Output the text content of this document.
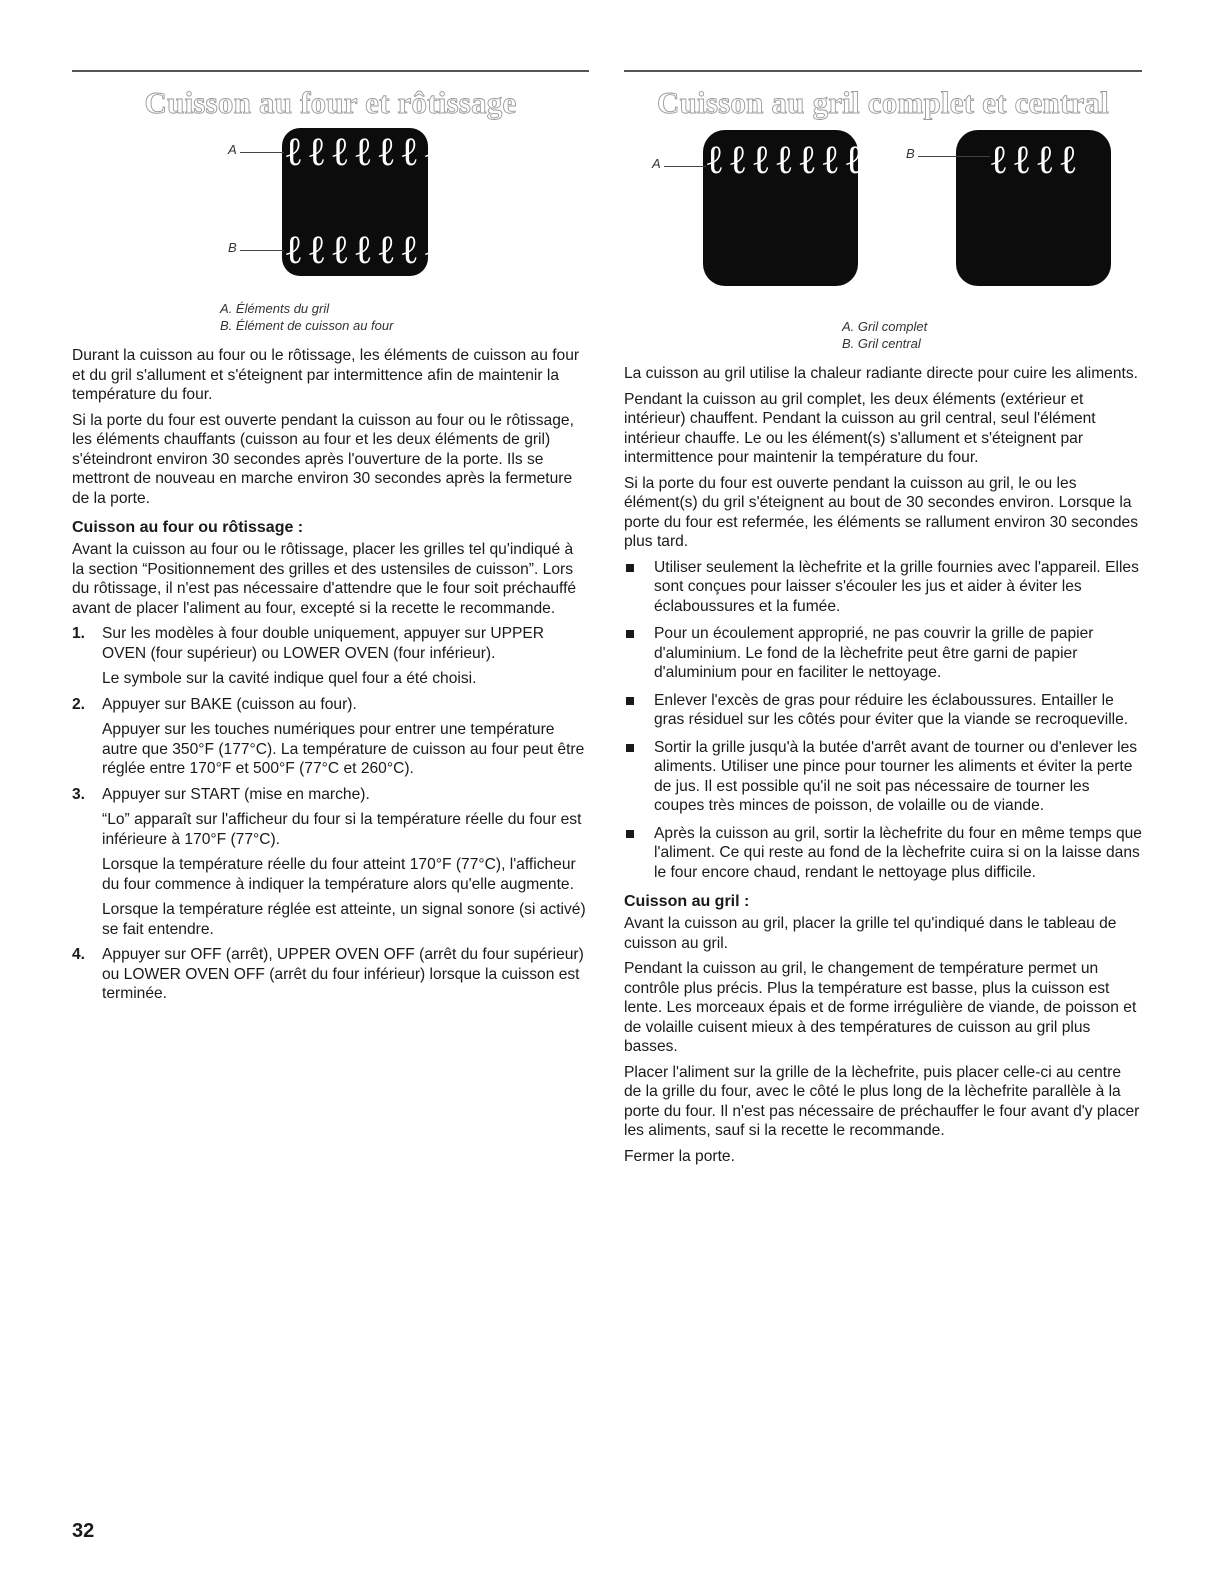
Cuisson au four et rôtissage
ℓℓℓℓℓℓℓ
ℓℓℓℓℓℓℓ
A
B
A. Éléments du gril
B. Élément de cuisson au four

Durant la cuisson au four ou le rôtissage, les éléments de cuisson au four et du gril s'allument et s'éteignent par intermittence afin de maintenir la température du four.

Si la porte du four est ouverte pendant la cuisson au four ou le rôtissage, les éléments chauffants (cuisson au four et les deux éléments de gril) s'éteindront environ 30 secondes après l'ouverture de la porte. Ils se mettront de nouveau en marche environ 30 secondes après la fermeture de la porte.

Cuisson au four ou rôtissage :

Avant la cuisson au four ou le rôtissage, placer les grilles tel qu'indiqué à la section “Positionnement des grilles et des ustensiles de cuisson”. Lors du rôtissage, il n'est pas nécessaire d'attendre que le four soit préchauffé avant de placer l'aliment au four, excepté si la recette le recommande.

1. Sur les modèles à four double uniquement, appuyer sur UPPER OVEN (four supérieur) ou LOWER OVEN (four inférieur).

Le symbole sur la cavité indique quel four a été choisi.

2. Appuyer sur BAKE (cuisson au four).

Appuyer sur les touches numériques pour entrer une température autre que 350°F (177°C). La température de cuisson au four peut être réglée entre 170°F et 500°F (77°C et 260°C).

3. Appuyer sur START (mise en marche).

“Lo” apparaît sur l'afficheur du four si la température réelle du four est inférieure à 170°F (77°C).

Lorsque la température réelle du four atteint 170°F (77°C), l'afficheur du four commence à indiquer la température alors qu'elle augmente.

Lorsque la température réglée est atteinte, un signal sonore (si activé) se fait entendre.

4. Appuyer sur OFF (arrêt), UPPER OVEN OFF (arrêt du four supérieur) ou LOWER OVEN OFF (arrêt du four inférieur) lorsque la cuisson est terminée.

Cuisson au gril complet et central
ℓℓℓℓℓℓℓ
A	ℓℓℓℓ
B
A. Gril complet
B. Gril central

La cuisson au gril utilise la chaleur radiante directe pour cuire les aliments.

Pendant la cuisson au gril complet, les deux éléments (extérieur et intérieur) chauffent. Pendant la cuisson au gril central, seul l'élément intérieur chauffe. Le ou les élément(s) s'allument et s'éteignent par intermittence pour maintenir la température du four.

Si la porte du four est ouverte pendant la cuisson au gril, le ou les élément(s) du gril s'éteignent au bout de 30 secondes environ. Lorsque la porte du four est refermée, les éléments se rallument environ 30 secondes plus tard.

Utiliser seulement la lèchefrite et la grille fournies avec l'appareil. Elles sont conçues pour laisser s'écouler les jus et aider à éviter les éclaboussures et la fumée.
Pour un écoulement approprié, ne pas couvrir la grille de papier d'aluminium. Le fond de la lèchefrite peut être garni de papier d'aluminium pour en faciliter le nettoyage.
Enlever l'excès de gras pour réduire les éclaboussures. Entailler le gras résiduel sur les côtés pour éviter que la viande se recroqueville.
Sortir la grille jusqu'à la butée d'arrêt avant de tourner ou d'enlever les aliments. Utiliser une pince pour tourner les aliments et éviter la perte de jus. Il est possible qu'il ne soit pas nécessaire de tourner les coupes très minces de poisson, de volaille ou de viande.
Après la cuisson au gril, sortir la lèchefrite du four en même temps que l'aliment. Ce qui reste au fond de la lèchefrite cuira si on la laisse dans le four encore chaud, rendant le nettoyage plus difficile.
Cuisson au gril :

Avant la cuisson au gril, placer la grille tel qu'indiqué dans le tableau de cuisson au gril.

Pendant la cuisson au gril, le changement de température permet un contrôle plus précis. Plus la température est basse, plus la cuisson est lente. Les morceaux épais et de forme irrégulière de viande, de poisson et de volaille cuisent mieux à des températures de cuisson au gril plus basses.

Placer l'aliment sur la grille de la lèchefrite, puis placer celle-ci au centre de la grille du four, avec le côté le plus long de la lèchefrite parallèle à la porte du four. Il n'est pas nécessaire de préchauffer le four avant d'y placer les aliments, sauf si la recette le recommande.

Fermer la porte.

32
